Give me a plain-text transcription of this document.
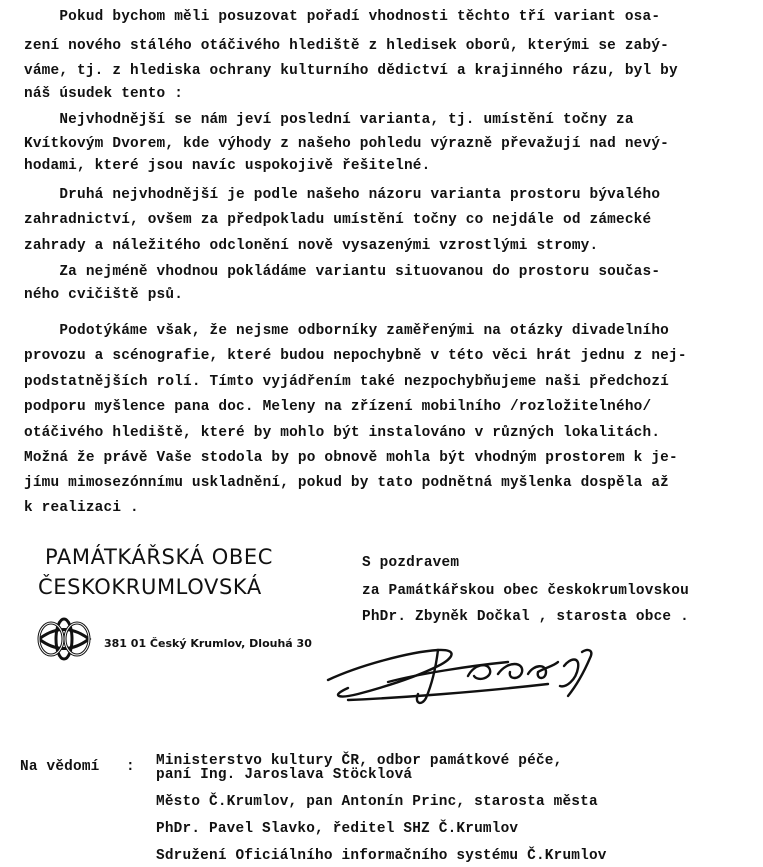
Pokud bychom měli posuzovat pořadí vhodnosti těchto tří variant osa-
zení nového stálého otáčivého hlediště z hledisek oborů, kterými se zabý-
váme, tj. z hlediska ochrany kulturního dědictví a krajinného rázu, byl by
náš úsudek tento :
Nejvhodnější se nám jeví poslední varianta, tj. umístění točny za
Kvítkovým Dvorem, kde výhody z našeho pohledu výrazně převažují nad nevý-
hodami, které jsou navíc uspokojivě řešitelné.
Druhá nejvhodnější je podle našeho názoru varianta prostoru bývalého
zahradnictví, ovšem za předpokladu umístění točny co nejdále od zámecké
zahrady a náležitého odclonění nově vysazenými vzrostlými stromy.
Za nejméně vhodnou pokládáme variantu situovanou do prostoru součas-
ného cvičiště psů.
Podotýkáme však, že nejsme odborníky zaměřenými na otázky divadelního
provozu a scénografie, které budou nepochybně v této věci hrát jednu z nej-
podstatnějších rolí. Tímto vyjádřením také nezpochybňujeme naši předchozí
podporu myšlence pana doc. Meleny na zřízení mobilního /rozložitelného/
otáčivého hlediště, které by mohlo být instalováno v různých lokalitách.
Možná že právě Vaše stodola by po obnově mohla být vhodným prostorem k je-
jímu mimosezónnímu uskladnění, pokud by tato podnětná myšlenka dospěla až
k realizaci .
PAMÁTKÁŘSKÁ OBEC
ČESKOKRUMLOVSKÁ
381 01 Český Krumlov, Dlouhá 30
S pozdravem
za Památkářskou obec českokrumlovskou
PhDr. Zbyněk Dočkal , starosta obce .
Na vědomí   : Ministerstvo kultury ČR, odbor památkové péče,
paní Ing. Jaroslava Stöcklová
Město Č.Krumlov, pan Antonín Princ, starosta města
PhDr. Pavel Slavko, ředitel SHZ Č.Krumlov
Sdružení Oficiálního informačního systému Č.Krumlov
